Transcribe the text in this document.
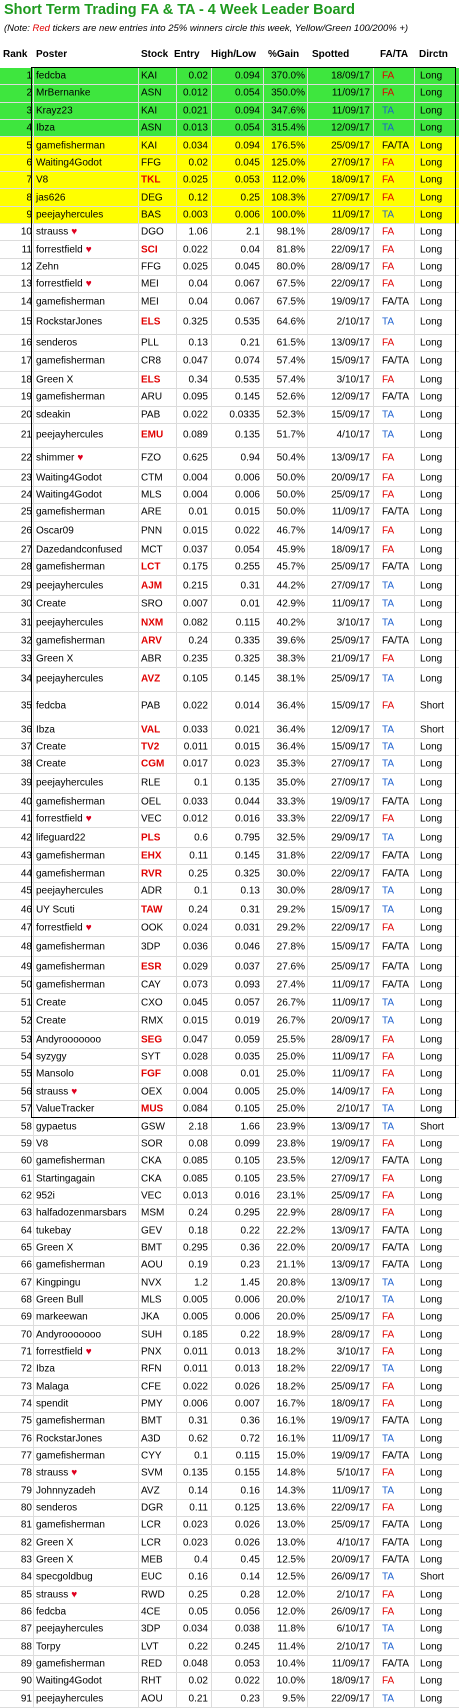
Short Term Trading FA & TA - 4 Week Leader Board
(Note: Red tickers are new entries into 25% winners circle this week, Yellow/Green 100/200% +)
Rank Poster	Stock Entry High/Low %Gain Spotted	FA/TA Dirctn
1 fedcba	KAI	0.02	0.094	370.0%	18/09/17 FA	Long
2 MrBernanke	ASN	0.012	0.054	350.0%	11/09/17 FA	Long
3 Krayz23	KAI	0.021	0.094	347.6%	11/09/17 TA	Long
4 Ibza	ASN	0.013	0.054	315.4%	12/09/17 TA	Long
5 gamefisherman	KAI	0.034	0.094	176.5%	25/09/17 FA/TA Long
6 Waiting4Godot	FFG	0.02	0.045	125.0%	27/09/17 FA	Long
7 V8	TKL	0.025	0.053	112.0%	18/09/17 FA	Long
8 jas626	DEG	0.12	0.25	108.3%	27/09/17 FA	Long
9 peejayhercules	BAS	0.003	0.006	100.0%	11/09/17 TA	Long
10 strauss ♥	DGO	1.06	2.1	98.1%	28/09/17 FA	Long
11 forrestfield ♥	SCI	0.022	0.04	81.8%	22/09/17 FA	Long
12 Zehn	FFG	0.025	0.045	80.0%	28/09/17 FA	Long
13 forrestfield ♥	MEI	0.04	0.067	67.5%	22/09/17 FA	Long
14 gamefisherman	MEI	0.04	0.067	67.5%	19/09/17 FA/TA Long
15 RockstarJones	ELS	0.325	0.535	64.6%	2/10/17 TA	Long
16 senderos	PLL	0.13	0.21	61.5%	13/09/17 FA	Long
17 gamefisherman	CR8	0.047	0.074	57.4%	15/09/17 FA/TA Long
18 Green X	ELS	0.34	0.535	57.4%	3/10/17 FA	Long
19 gamefisherman	ARU	0.095	0.145	52.6%	12/09/17 FA/TA Long
20 sdeakin	PAB	0.022	0.0335	52.3%	15/09/17 TA	Long
21 peejayhercules	EMU	0.089	0.135	51.7%	4/10/17 TA	Long
22 shimmer ♥	FZO	0.625	0.94	50.4%	13/09/17 FA	Long
23 Waiting4Godot	CTM	0.004	0.006	50.0%	20/09/17 FA	Long
24 Waiting4Godot	MLS	0.004	0.006	50.0%	25/09/17 FA	Long
25 gamefisherman	ARE	0.01	0.015	50.0%	11/09/17 FA/TA Long
26 Oscar09	PNN	0.015	0.022	46.7%	14/09/17 FA	Long
27 Dazedandconfused MCT	0.037	0.054	45.9%	18/09/17 FA	Long
28 gamefisherman	LCT	0.175	0.255	45.7%	25/09/17 FA/TA Long
29 peejayhercules	AJM	0.215	0.31	44.2%	27/09/17 TA	Long
30 Create	SRO	0.007	0.01	42.9%	11/09/17 TA	Long
31 peejayhercules	NXM	0.082	0.115	40.2%	3/10/17 TA	Long
32 gamefisherman	ARV	0.24	0.335	39.6%	25/09/17 FA/TA Long
33 Green X	ABR	0.235	0.325	38.3%	21/09/17 FA	Long
34 peejayhercules	AVZ	0.105	0.145	38.1%	25/09/17 TA	Long
35 fedcba	PAB	0.022	0.014	36.4%	15/09/17 FA	Short
36 Ibza	VAL	0.033	0.021	36.4%	12/09/17 TA	Short
37 Create	TV2	0.011	0.015	36.4%	15/09/17 TA	Long
38 Create	CGM	0.017	0.023	35.3%	27/09/17 TA	Long
39 peejayhercules	RLE	0.1	0.135	35.0%	27/09/17 TA	Long
40 gamefisherman	OEL	0.033	0.044	33.3%	19/09/17 FA/TA Long
41 forrestfield ♥	VEC	0.012	0.016	33.3%	22/09/17 FA	Long
42 lifeguard22	PLS	0.6	0.795	32.5%	29/09/17 TA	Long
43 gamefisherman	EHX	0.11	0.145	31.8%	22/09/17 FA/TA Long
44 gamefisherman	RVR	0.25	0.325	30.0%	22/09/17 FA/TA Long
45 peejayhercules	ADR	0.1	0.13	30.0%	28/09/17 TA	Long
46 UY Scuti	TAW	0.24	0.31	29.2%	15/09/17 TA	Long
47 forrestfield ♥	OOK	0.024	0.031	29.2%	22/09/17 FA	Long
48 gamefisherman	3DP	0.036	0.046	27.8%	15/09/17 FA/TA Long
49 gamefisherman	ESR	0.029	0.037	27.6%	25/09/17 FA/TA Long
50 gamefisherman	CAY	0.073	0.093	27.4%	11/09/17 FA/TA Long
51 Create	CXO	0.045	0.057	26.7%	11/09/17 TA	Long
52 Create	RMX	0.015	0.019	26.7%	20/09/17 TA	Long
53 Andyrooooooo	SEG	0.047	0.059	25.5%	28/09/17 FA	Long
54 syzygy	SYT	0.028	0.035	25.0%	11/09/17 FA	Long
55 Mansolo	FGF	0.008	0.01	25.0%	11/09/17 FA	Long
56 strauss ♥	OEX	0.004	0.005	25.0%	14/09/17 FA	Long
57 ValueTracker	MUS	0.084	0.105	25.0%	2/10/17 TA	Long
58 gypaetus	GSW	2.18	1.66	23.9%	13/09/17 TA	Short
59 V8	SOR	0.08	0.099	23.8%	19/09/17 FA	Long
60 gamefisherman	CKA	0.085	0.105	23.5%	12/09/17 FA/TA Long
61 Startingagain	CKA	0.085	0.105	23.5%	27/09/17 FA	Long
62 952i	VEC	0.013	0.016	23.1%	25/09/17 FA	Long
63 halfadozenmarsbars MSM	0.24	0.295	22.9%	28/09/17 FA	Long
64 tukebay	GEV	0.18	0.22	22.2%	13/09/17 FA/TA Long
65 Green X	BMT	0.295	0.36	22.0%	20/09/17 FA/TA Long
66 gamefisherman	AOU	0.19	0.23	21.1%	13/09/17 FA/TA Long
67 Kingpingu	NVX	1.2	1.45	20.8%	13/09/17 TA	Long
68 Green Bull	MLS	0.005	0.006	20.0%	2/10/17 TA	Long
69 markeewan	JKA	0.005	0.006	20.0%	25/09/17 FA	Long
70 Andyrooooooo	SUH	0.185	0.22	18.9%	28/09/17 FA	Long
71 forrestfield ♥	PNX	0.011	0.013	18.2%	3/10/17 FA	Long
72 Ibza	RFN	0.011	0.013	18.2%	22/09/17 TA	Long
73 Malaga	CFE	0.022	0.026	18.2%	25/09/17 FA	Long
74 spendit	PMY	0.006	0.007	16.7%	18/09/17 FA	Long
75 gamefisherman	BMT	0.31	0.36	16.1%	19/09/17 FA/TA Long
76 RockstarJones	A3D	0.62	0.72	16.1%	11/09/17 TA	Long
77 gamefisherman	CYY	0.1	0.115	15.0%	19/09/17 FA/TA Long
78 strauss ♥	SVM	0.135	0.155	14.8%	5/10/17 FA	Long
79 Johnnyzadeh	AVZ	0.14	0.16	14.3%	11/09/17 TA	Long
80 senderos	DGR	0.11	0.125	13.6%	22/09/17 FA	Long
81 gamefisherman	LCR	0.023	0.026	13.0%	25/09/17 FA/TA Long
82 Green X	LCR	0.023	0.026	13.0%	4/10/17 FA/TA Long
83 Green X	MEB	0.4	0.45	12.5%	20/09/17 FA/TA Long
84 specgoldbug	EUC	0.16	0.14	12.5%	26/09/17 TA	Short
85 strauss ♥	RWD	0.25	0.28	12.0%	2/10/17 FA	Long
86 fedcba	4CE	0.05	0.056	12.0%	26/09/17 FA	Long
87 peejayhercules	3DP	0.034	0.038	11.8%	6/10/17 TA	Long
88 Torpy	LVT	0.22	0.245	11.4%	2/10/17 TA	Long
89 gamefisherman	RED	0.048	0.053	10.4%	11/09/17 FA/TA Long
90 Waiting4Godot	RHT	0.02	0.022	10.0%	18/09/17 FA	Long
91 peejayhercules	AOU	0.21	0.23	9.5%	22/09/17 TA	Long
